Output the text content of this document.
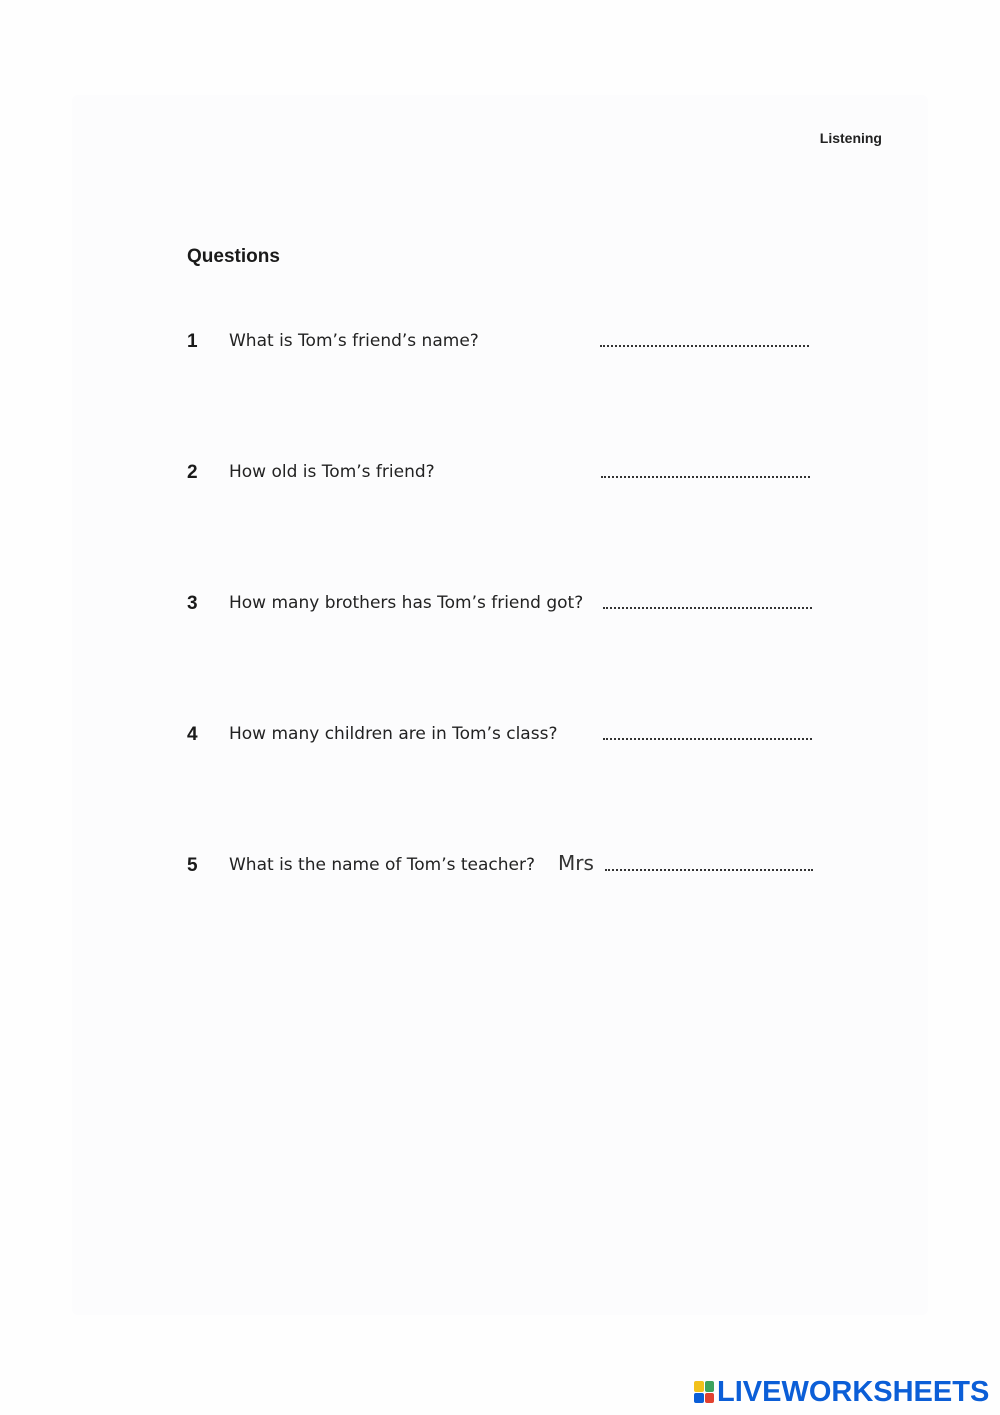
Listening
Questions
1 What is Tom’s friend’s name?
2 How old is Tom’s friend?
3 How many brothers has Tom’s friend got?
4 How many children are in Tom’s class?
5 What is the name of Tom’s teacher? Mrs
LIVEWORKSHEETS
